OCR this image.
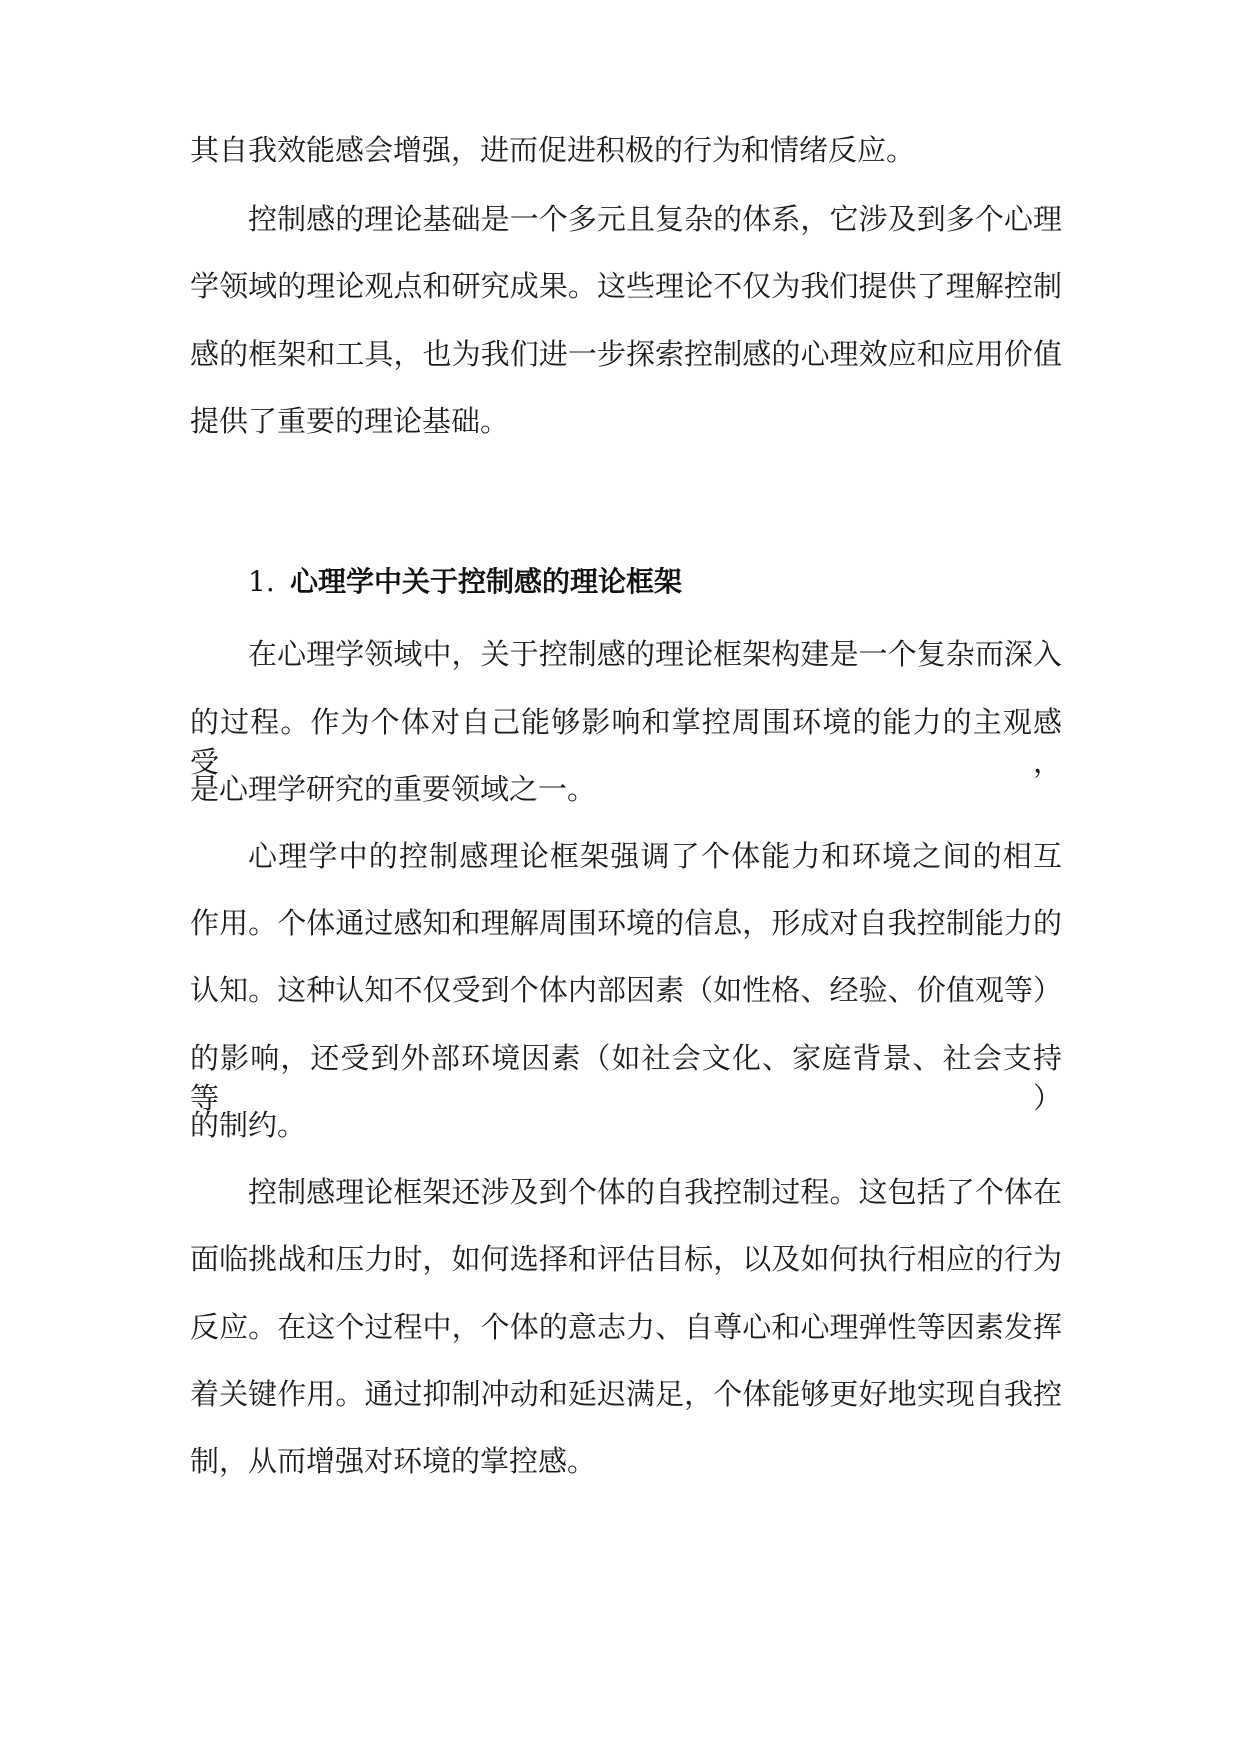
其自我效能感会增强，进而促进积极的行为和情绪反应。
控制感的理论基础是一个多元且复杂的体系，它涉及到多个心理
学领域的理论观点和研究成果。这些理论不仅为我们提供了理解控制
感的框架和工具，也为我们进一步探索控制感的心理效应和应用价值
提供了重要的理论基础。
1. 心理学中关于控制感的理论框架
在心理学领域中，关于控制感的理论框架构建是一个复杂而深入
的过程。作为个体对自己能够影响和掌控周围环境的能力的主观感受，
是心理学研究的重要领域之一。
心理学中的控制感理论框架强调了个体能力和环境之间的相互
作用。个体通过感知和理解周围环境的信息，形成对自我控制能力的
认知。这种认知不仅受到个体内部因素（如性格、经验、价值观等）
的影响，还受到外部环境因素（如社会文化、家庭背景、社会支持等）
的制约。
控制感理论框架还涉及到个体的自我控制过程。这包括了个体在
面临挑战和压力时，如何选择和评估目标，以及如何执行相应的行为
反应。在这个过程中，个体的意志力、自尊心和心理弹性等因素发挥
着关键作用。通过抑制冲动和延迟满足，个体能够更好地实现自我控
制，从而增强对环境的掌控感。
